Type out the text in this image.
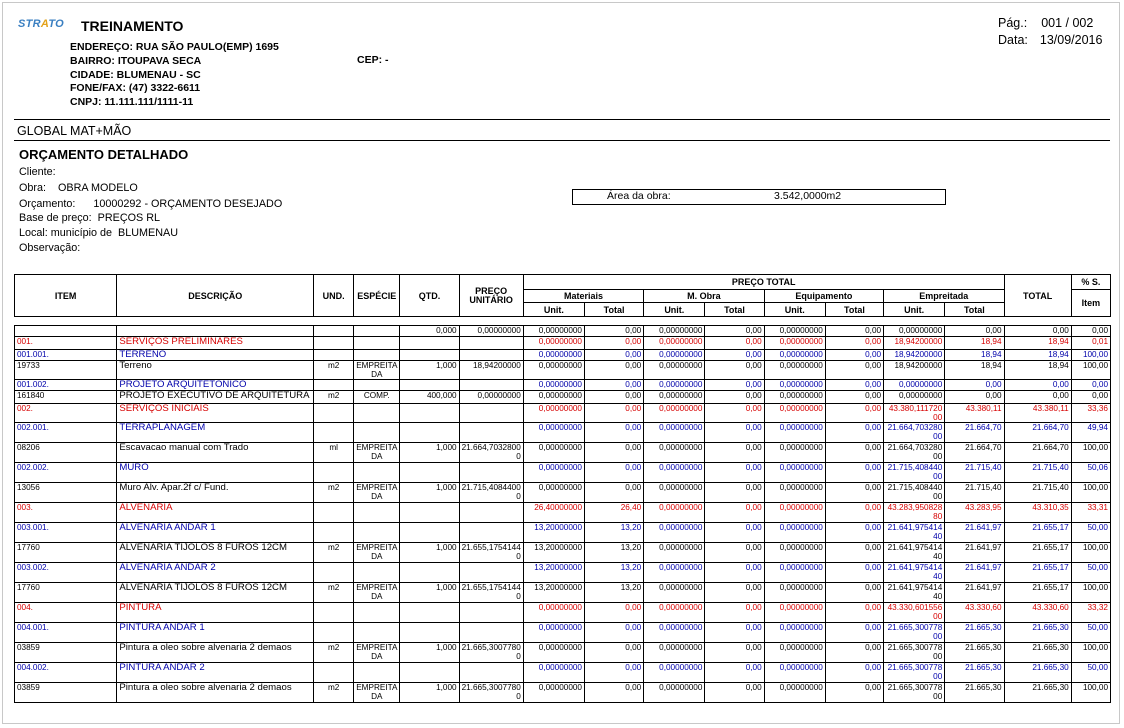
STRATO TREINAMENTO
ENDEREÇO: RUA SÃO PAULO(EMP) 1695
BAIRRO: ITOUPAVA SECA
CIDADE: BLUMENAU - SC
FONE/FAX: (47) 3322-6611
CNPJ: 11.111.111/1111-11
CEP: -
Pág.: 001 / 002
Data: 13/09/2016
GLOBAL MAT+MÃO
ORÇAMENTO DETALHADO
Cliente:
Obra:    OBRA MODELO
Orçamento:      10000292 - ORÇAMENTO DESEJADO
Base de preço:  PREÇOS RL
Local: município de  BLUMENAU
Observação:
Área da obra:	3.542,0000m2
ITEM	DESCRIÇÃO	UND.	ESPÉCIE	QTD.	PREÇO UNITÁRIO	PREÇO TOTAL								TOTAL	% S.
						Materiais		M. Obra		Equipamento		Empreitada			Item
						Unit.	Total	Unit.	Total	Unit.	Total	Unit.	Total		

				0,000	0,00000000	0,00000000	0,00	0,00000000	0,00	0,00000000	0,00	0,00000000	0,00	0,00	0,00
001.	SERVIÇOS PRELIMINARES					0,00000000	0,00	0,00000000	0,00	0,00000000	0,00	18,94200000	18,94	18,94	0,01
001.001.	TERRENO					0,00000000	0,00	0,00000000	0,00	0,00000000	0,00	18,94200000	18,94	18,94	100,00
19733	Terreno	m2	EMPREITA DA	1,000	18,94200000	0,00000000	0,00	0,00000000	0,00	0,00000000	0,00	18,94200000	18,94	18,94	100,00
001.002.	PROJETO ARQUITETONICO					0,00000000	0,00	0,00000000	0,00	0,00000000	0,00	0,00000000	0,00	0,00	0,00
161840	PROJETO EXECUTIVO DE ARQUITETURA	m2	COMP.	400,000	0,00000000	0,00000000	0,00	0,00000000	0,00	0,00000000	0,00	0,00000000	0,00	0,00	0,00
002.	SERVIÇOS INICIAIS					0,00000000	0,00	0,00000000	0,00	0,00000000	0,00	43.380,111720 00	43.380,11	43.380,11	33,36
002.001.	TERRAPLANAGEM					0,00000000	0,00	0,00000000	0,00	0,00000000	0,00	21.664,703280 00	21.664,70	21.664,70	49,94
08206	Escavacao manual com Trado	ml	EMPREITA DA	1,000	21.664,7032800 0	0,00000000	0,00	0,00000000	0,00	0,00000000	0,00	21.664,703280 00	21.664,70	21.664,70	100,00
002.002.	MURO					0,00000000	0,00	0,00000000	0,00	0,00000000	0,00	21.715,408440 00	21.715,40	21.715,40	50,06
13056	Muro Alv. Apar.2f c/ Fund.	m2	EMPREITA DA	1,000	21.715,4084400 0	0,00000000	0,00	0,00000000	0,00	0,00000000	0,00	21.715,408440 00	21.715,40	21.715,40	100,00
003.	ALVENARIA					26,40000000	26,40	0,00000000	0,00	0,00000000	0,00	43.283,950828 80	43.283,95	43.310,35	33,31
003.001.	ALVENARIA ANDAR 1					13,20000000	13,20	0,00000000	0,00	0,00000000	0,00	21.641,975414 40	21.641,97	21.655,17	50,00
17760	ALVENARIA TIJOLOS 8 FUROS 12CM	m2	EMPREITA DA	1,000	21.655,1754144 0	13,20000000	13,20	0,00000000	0,00	0,00000000	0,00	21.641,975414 40	21.641,97	21.655,17	100,00
003.002.	ALVENARIA ANDAR 2					13,20000000	13,20	0,00000000	0,00	0,00000000	0,00	21.641,975414 40	21.641,97	21.655,17	50,00
17760	ALVENARIA TIJOLOS 8 FUROS 12CM	m2	EMPREITA DA	1,000	21.655,1754144 0	13,20000000	13,20	0,00000000	0,00	0,00000000	0,00	21.641,975414 40	21.641,97	21.655,17	100,00
004.	PINTURA					0,00000000	0,00	0,00000000	0,00	0,00000000	0,00	43.330,601556 00	43.330,60	43.330,60	33,32
004.001.	PINTURA ANDAR 1					0,00000000	0,00	0,00000000	0,00	0,00000000	0,00	21.665,300778 00	21.665,30	21.665,30	50,00
03859	Pintura a oleo sobre alvenaria 2 demaos	m2	EMPREITA DA	1,000	21.665,3007780 0	0,00000000	0,00	0,00000000	0,00	0,00000000	0,00	21.665,300778 00	21.665,30	21.665,30	100,00
004.002.	PINTURA ANDAR 2					0,00000000	0,00	0,00000000	0,00	0,00000000	0,00	21.665,300778 00	21.665,30	21.665,30	50,00
03859	Pintura a oleo sobre alvenaria 2 demaos	m2	EMPREITA DA	1,000	21.665,3007780 0	0,00000000	0,00	0,00000000	0,00	0,00000000	0,00	21.665,300778 00	21.665,30	21.665,30	100,00
